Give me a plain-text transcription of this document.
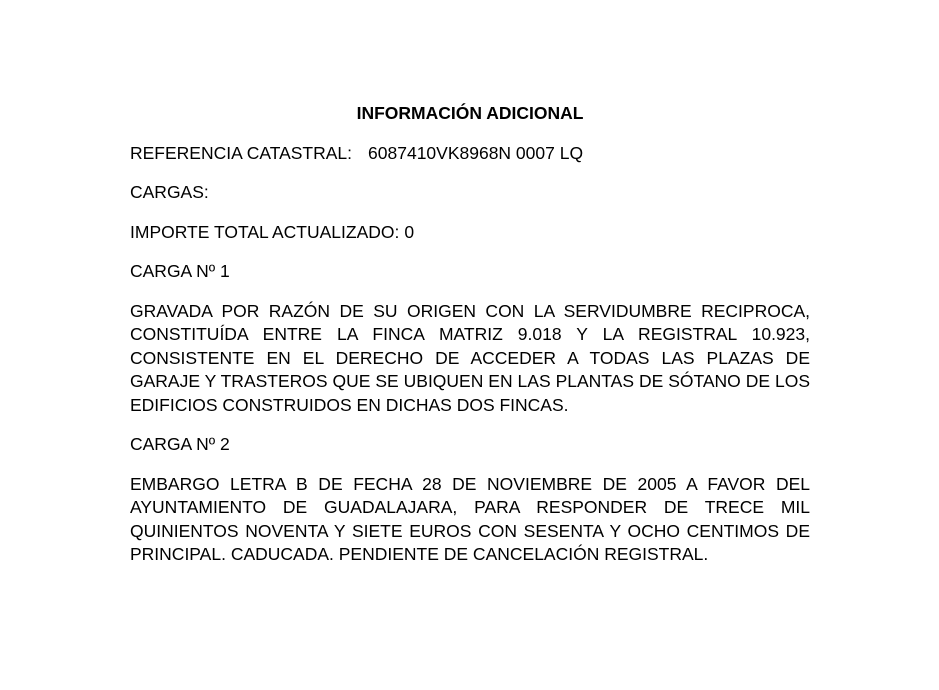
INFORMACIÓN ADICIONAL
REFERENCIA CATASTRAL: 6087410VK8968N 0007 LQ
CARGAS:
IMPORTE TOTAL ACTUALIZADO: 0
CARGA Nº 1

GRAVADA POR RAZÓN DE SU ORIGEN CON LA SERVIDUMBRE RECIPROCA, CONSTITUÍDA ENTRE LA FINCA MATRIZ 9.018 Y LA REGISTRAL 10.923, CONSISTENTE EN EL DERECHO DE ACCEDER A TODAS LAS PLAZAS DE GARAJE Y TRASTEROS QUE SE UBIQUEN EN LAS PLANTAS DE SÓTANO DE LOS EDIFICIOS CONSTRUIDOS EN DICHAS DOS FINCAS.

CARGA Nº 2

EMBARGO LETRA B DE FECHA 28 DE NOVIEMBRE DE 2005 A FAVOR DEL AYUNTAMIENTO DE GUADALAJARA, PARA RESPONDER DE TRECE MIL QUINIENTOS NOVENTA Y SIETE EUROS CON SESENTA Y OCHO CENTIMOS DE PRINCIPAL. CADUCADA. PENDIENTE DE CANCELACIÓN REGISTRAL.
